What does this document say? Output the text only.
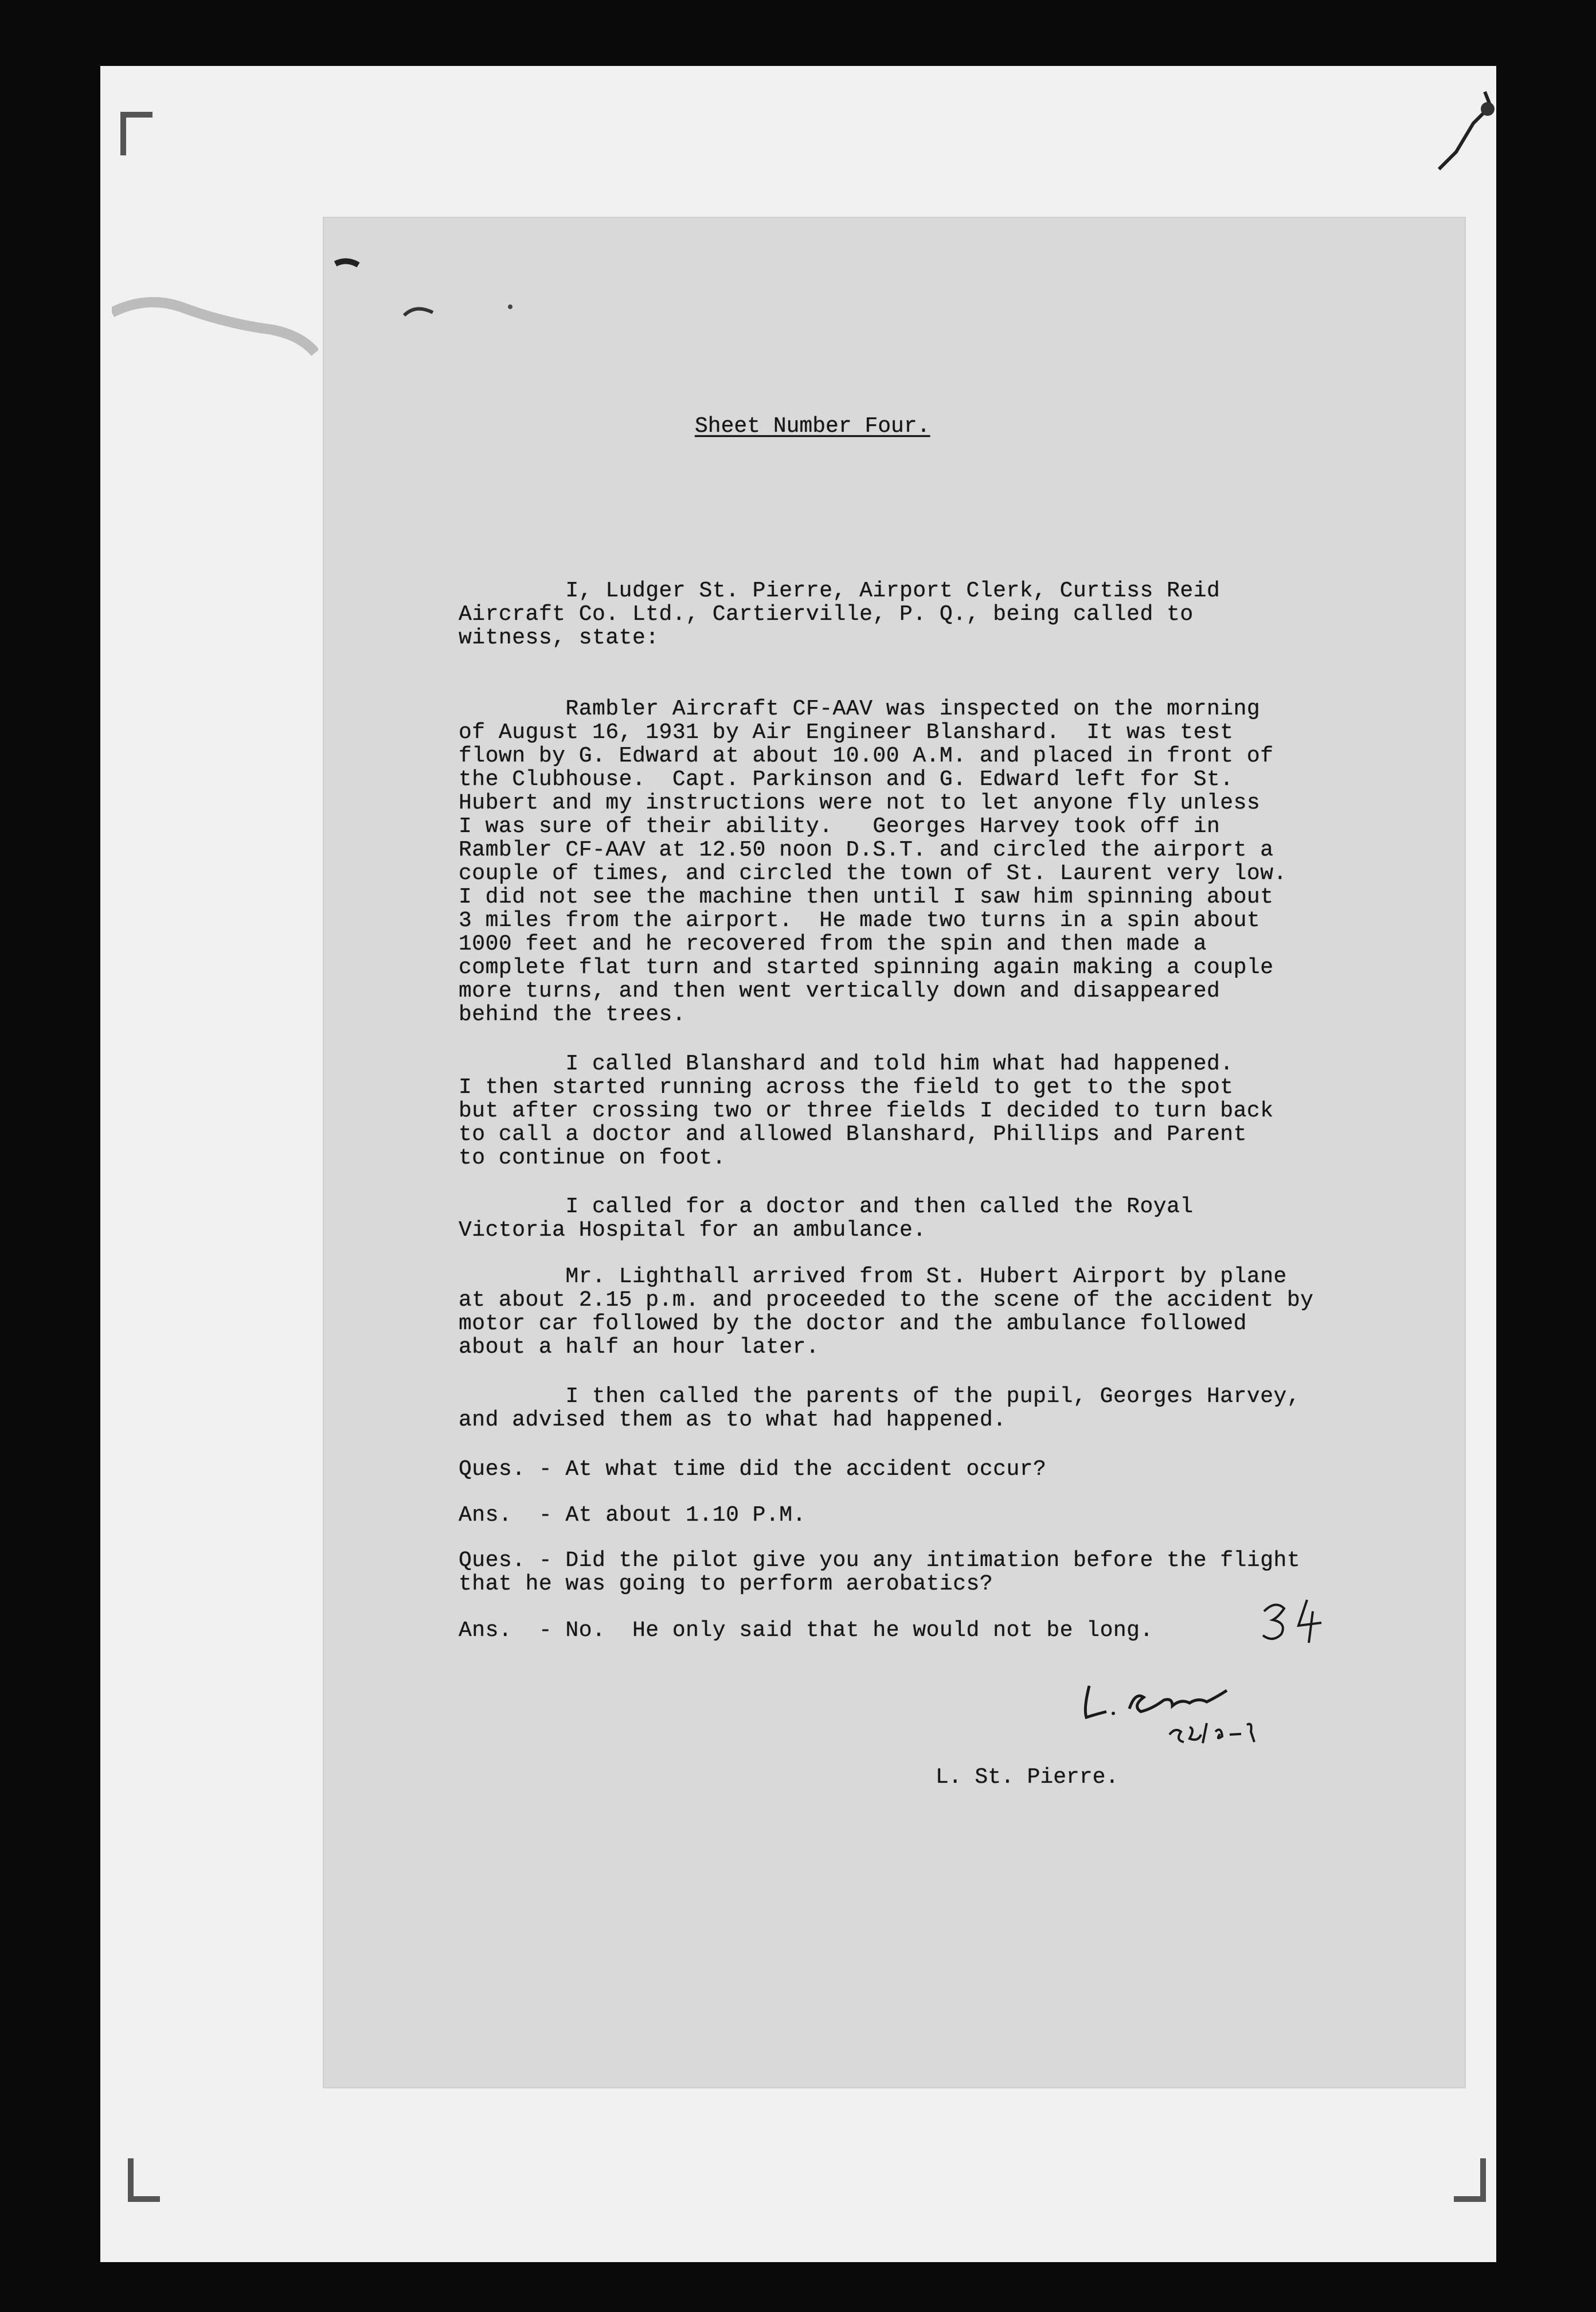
Sheet Number Four.
I, Ludger St. Pierre, Airport Clerk, Curtiss Reid
Aircraft Co. Ltd., Cartierville, P. Q., being called to
witness, state:
Rambler Aircraft CF-AAV was inspected on the morning
of August 16, 1931 by Air Engineer Blanshard.  It was test
flown by G. Edward at about 10.00 A.M. and placed in front of
the Clubhouse.  Capt. Parkinson and G. Edward left for St.
Hubert and my instructions were not to let anyone fly unless
I was sure of their ability.   Georges Harvey took off in
Rambler CF-AAV at 12.50 noon D.S.T. and circled the airport a
couple of times, and circled the town of St. Laurent very low.
I did not see the machine then until I saw him spinning about
3 miles from the airport.  He made two turns in a spin about
1000 feet and he recovered from the spin and then made a
complete flat turn and started spinning again making a couple
more turns, and then went vertically down and disappeared
behind the trees.
I called Blanshard and told him what had happened.
I then started running across the field to get to the spot
but after crossing two or three fields I decided to turn back
to call a doctor and allowed Blanshard, Phillips and Parent
to continue on foot.
I called for a doctor and then called the Royal
Victoria Hospital for an ambulance.
Mr. Lighthall arrived from St. Hubert Airport by plane
at about 2.15 p.m. and proceeded to the scene of the accident by
motor car followed by the doctor and the ambulance followed
about a half an hour later.
I then called the parents of the pupil, Georges Harvey,
and advised them as to what had happened.
Ques. - At what time did the accident occur?
Ans.  - At about 1.10 P.M.
Ques. - Did the pilot give you any intimation before the flight
that he was going to perform aerobatics?
Ans.  - No.  He only said that he would not be long.
L. St. Pierre.
